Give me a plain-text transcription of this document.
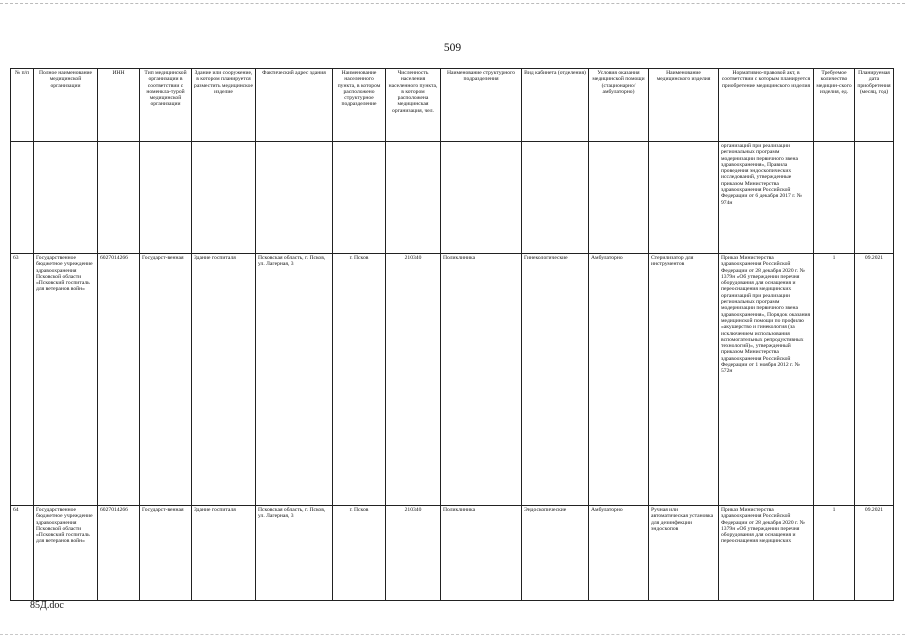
509
№ п/п	Полное наименование медицинской организации	ИНН	Тип медицинской организации в соответствии с номенкла-турой медицинской организации	Здание или сооружение, в котором планируется разместить медицинское изделие	Фактический адрес здания	Наименование населенного пункта, в котором расположено структурное подразделение	Численность населения населенного пункта, в котором расположена медицинская организация, чел.	Наименование структурного подразделения	Вид кабинета (отделения)	Условия оказания медицинской помощи (стационарно/ амбулаторно)	Наименование медицинского изделия	Нормативно-правовой акт, в соответствии с которым планируется приобретение медицинского изделия	Требуемое количество медицин-ского изделия, ед.	Планируемая дата приобретения (месяц, год)
												организаций при реализации региональных программ модернизации первичного звена здравоохранения», Правила проведения эндоскопических исследований, утвержденные приказом Министерства здравоохранения Российской Федерации от 6 декабря 2017 г. № 974н		
63	Государственное бюджетное учреждение здравоохранения Псковской области «Псковский госпиталь для ветеранов войн»	6027014266	Государст-венная	Здание госпиталя	Псковская область, г. Псков, ул. Лагерная, 3	г. Псков	210340	Поликлиника	Гинекологические	Амбулаторно	Стерилизатор для инструментов	Приказ Министерства здравоохранения Российской Федерации от 28 декабря 2020 г. № 1379н «Об утверждении перечня оборудования для оснащения и переоснащения медицинских организаций при реализации региональных программ модернизации первичного звена здравоохранения», Порядок оказания медицинской помощи по профилю «акушерство и гинекология (за исключением использования вспомогательных репродуктивных технологий)», утвержденный приказом Министерства здравоохранения Российской Федерации от 1 ноября 2012 г. № 572н	1	09.2021
64	Государственное бюджетное учреждение здравоохранения Псковской области «Псковский госпиталь для ветеранов войн»	6027014266	Государст-венная	Здание госпиталя	Псковская область, г. Псков, ул. Лагерная, 3	г. Псков	210340	Поликлиника	Эндоскопические	Амбулаторно	Ручная или автоматическая установка для дезинфекции эндоскопов	Приказ Министерства здравоохранения Российской Федерации от 28 декабря 2020 г. № 1379н «Об утверждении перечня оборудования для оснащения и переоснащения медицинских	1	09.2021
85Д.doc
